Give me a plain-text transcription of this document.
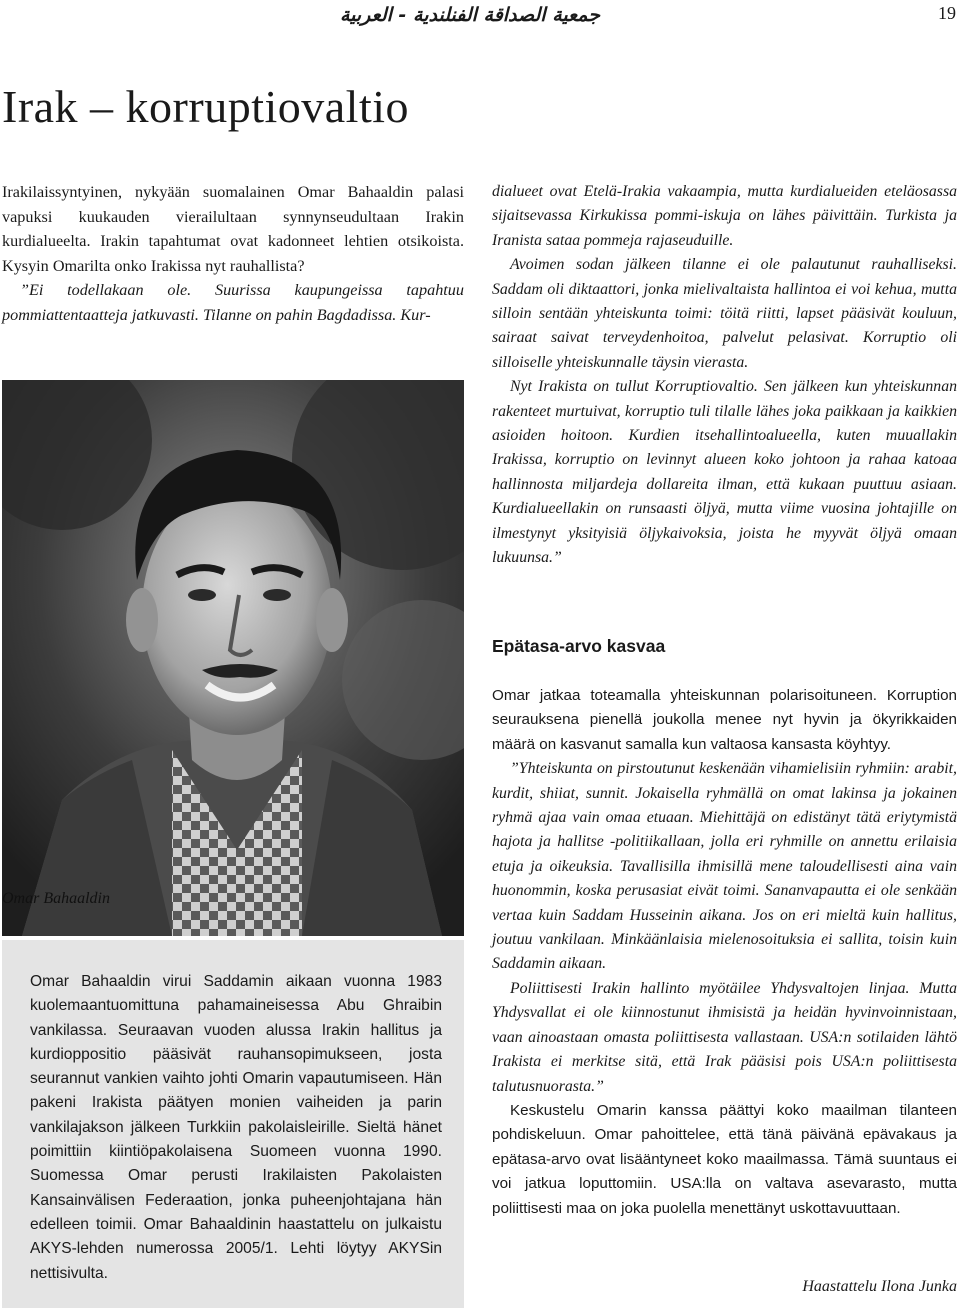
جمعية الصداقة الفنلندية - العربية	19
Irak – korruptiovaltio

Irakilaissyntyinen, nykyään suomalainen Omar Bahaaldin palasi vapuksi kuukauden vierailultaan synnynseudultaan Irakin kurdialueelta. Irakin tapahtumat ovat kadonneet lehtien otsikoista. Kysyin Omarilta onko Irakissa nyt rauhallista?

”Ei todellakaan ole. Suurissa kaupungeissa tapahtuu pommiattentaatteja jatkuvasti. Tilanne on pahin Bagdadissa. Kur-

Omar Bahaaldin
Omar Bahaaldin virui Saddamin aikaan vuonna 1983 kuolemaantuomittuna pahamaineisessa Abu Ghraibin vankilassa. Seuraavan vuoden alussa Irakin hallitus ja kurdioppositio pääsivät rauhansopimukseen, josta seurannut vankien vaihto johti Omarin vapautumiseen. Hän pakeni Irakista päätyen monien vaiheiden ja parin vankilajakson jälkeen Turkkiin pakolaisleirille. Sieltä hänet poimittiin kiintiöpakolaisena Suomeen vuonna 1990. Suomessa Omar perusti Irakilaisten Pakolaisten Kansainvälisen Federaation, jonka puheenjohtajana hän edelleen toimii. Omar Bahaaldinin haastattelu on julkaistu AKYS-lehden numerossa 2005/1. Lehti löytyy AKYSin nettisivulta.

dialueet ovat Etelä-Irakia vakaampia, mutta kurdialueiden eteläosassa sijaitsevassa Kirkukissa pommi-iskuja on lähes päivittäin. Turkista ja Iranista sataa pommeja rajaseuduille.

Avoimen sodan jälkeen tilanne ei ole palautunut rauhalliseksi. Saddam oli diktaattori, jonka mielivaltaista hallintoa ei voi kehua, mutta silloin sentään yhteiskunta toimi: töitä riitti, lapset pääsivät kouluun, sairaat saivat terveydenhoitoa, palvelut pelasivat. Korruptio oli silloiselle yhteiskunnalle täysin vierasta.

Nyt Irakista on tullut Korruptiovaltio. Sen jälkeen kun yhteiskunnan rakenteet murtuivat, korruptio tuli tilalle lähes joka paikkaan ja kaikkien asioiden hoitoon. Kurdien itsehallintoalueella, kuten muuallakin Irakissa, korruptio on levinnyt alueen koko johtoon ja rahaa katoaa hallinnosta miljardeja dollareita ilman, että kukaan puuttuu asiaan. Kurdialueellakin on runsaasti öljyä, mutta viime vuosina johtajille on ilmestynyt yksityisiä öljykaivoksia, joista he myyvät öljyä omaan lukuunsa.”

Epätasa-arvo kasvaa

Omar jatkaa toteamalla yhteiskunnan polarisoituneen. Korruption seurauksena pienellä joukolla menee nyt hyvin ja ökyrikkaiden määrä on kasvanut samalla kun valtaosa kansasta köyhtyy.

”Yhteiskunta on pirstoutunut keskenään vihamielisiin ryhmiin: arabit, kurdit, shiiat, sunnit. Jokaisella ryhmällä on omat lakinsa ja jokainen ryhmä ajaa vain omaa etuaan. Miehittäjä on edistänyt tätä eriytymistä hajota ja hallitse -politiikallaan, jolla eri ryhmille on annettu erilaisia etuja ja oikeuksia. Tavallisilla ihmisillä mene taloudellisesti aina vain huonommin, koska perusasiat eivät toimi. Sananvapautta ei ole senkään vertaa kuin Saddam Husseinin aikana. Jos on eri mieltä kuin hallitus, joutuu vankilaan. Minkäänlaisia mielenosoituksia ei sallita, toisin kuin Saddamin aikaan.

Poliittisesti Irakin hallinto myötäilee Yhdysvaltojen linjaa. Mutta Yhdysvallat ei ole kiinnostunut ihmisistä ja heidän hyvinvoinnistaan, vaan ainoastaan omasta poliittisesta vallastaan. USA:n sotilaiden lähtö Irakista ei merkitse sitä, että Irak pääsisi pois USA:n poliittisesta talutusnuorasta.”

Keskustelu Omarin kanssa päättyi koko maailman tilanteen pohdiskeluun. Omar pahoittelee, että tänä päivänä epävakaus ja epätasa-arvo ovat lisääntyneet koko maailmassa. Tämä suuntaus ei voi jatkua loputtomiin. USA:lla on valtava asevarasto, mutta poliittisesti maa on joka puolella menettänyt uskottavuuttaan.

Haastattelu Ilona Junka
